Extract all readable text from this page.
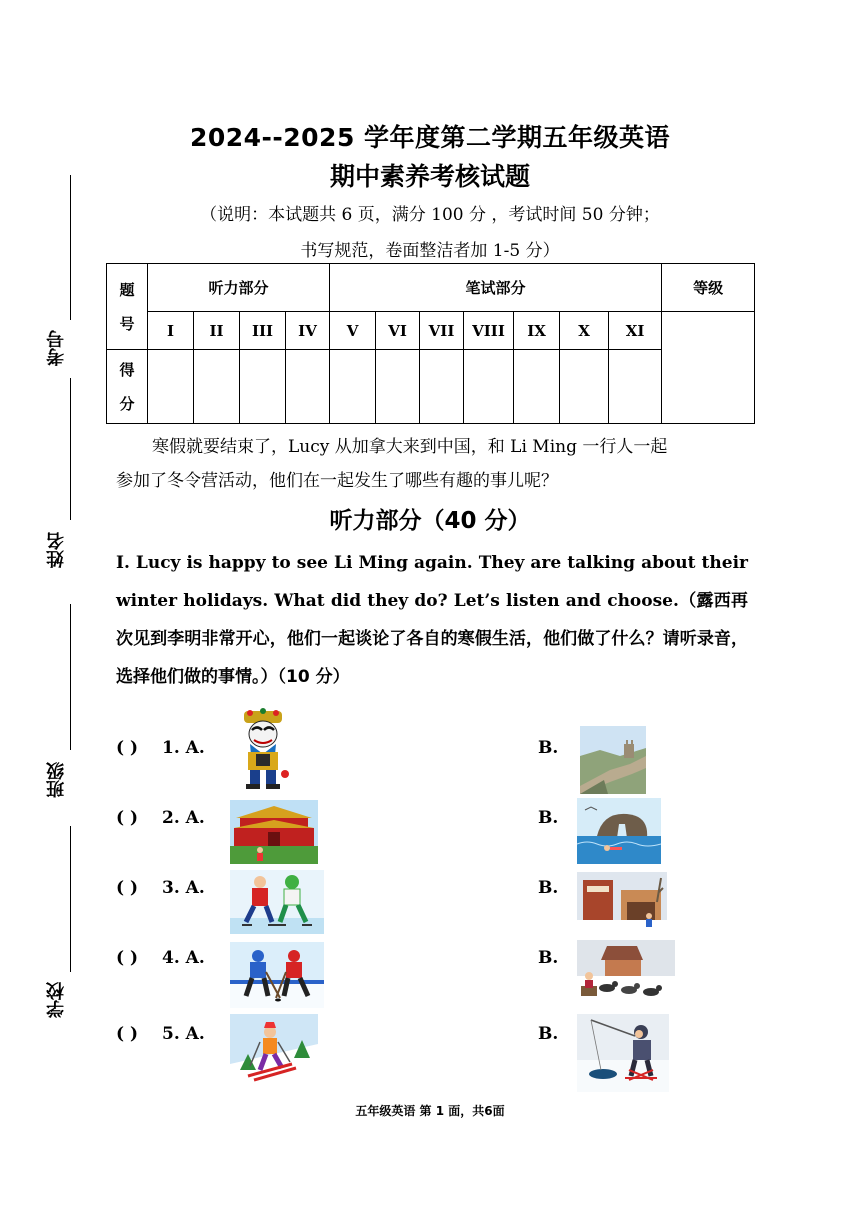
2024--2025 学年度第二学期五年级英语
期中素养考核试题
（说明：本试题共 6 页，满分 100 分 ，考试时间 50 分钟；
书写规范，卷面整洁者加 1-5 分）
考号
姓名
班级
学校
题
号	听力部分				笔试部分							等级
	I	II	III	IV	V	VI	VII	VIII	IX	X	XI	

得
分												

寒假就要结束了，Lucy 从加拿大来到中国，和 Li Ming 一行人一起
参加了冬令营活动，他们在一起发生了哪些有趣的事儿呢？
听力部分（40 分）
I. Lucy is happy to see Li Ming again. They are talking about their winter holidays. What did they do? Let’s listen and choose.（露西再次见到李明非常开心，他们一起谈论了各自的寒假生活，他们做了什么？请听录音，选择他们做的事情。）（10 分）
( ) 1. A.	B.
( ) 2. A.	B.
( ) 3. A.	B.
( ) 4. A.	B.
( ) 5. A.	B.
五年级英语 第 1 面，共6面
